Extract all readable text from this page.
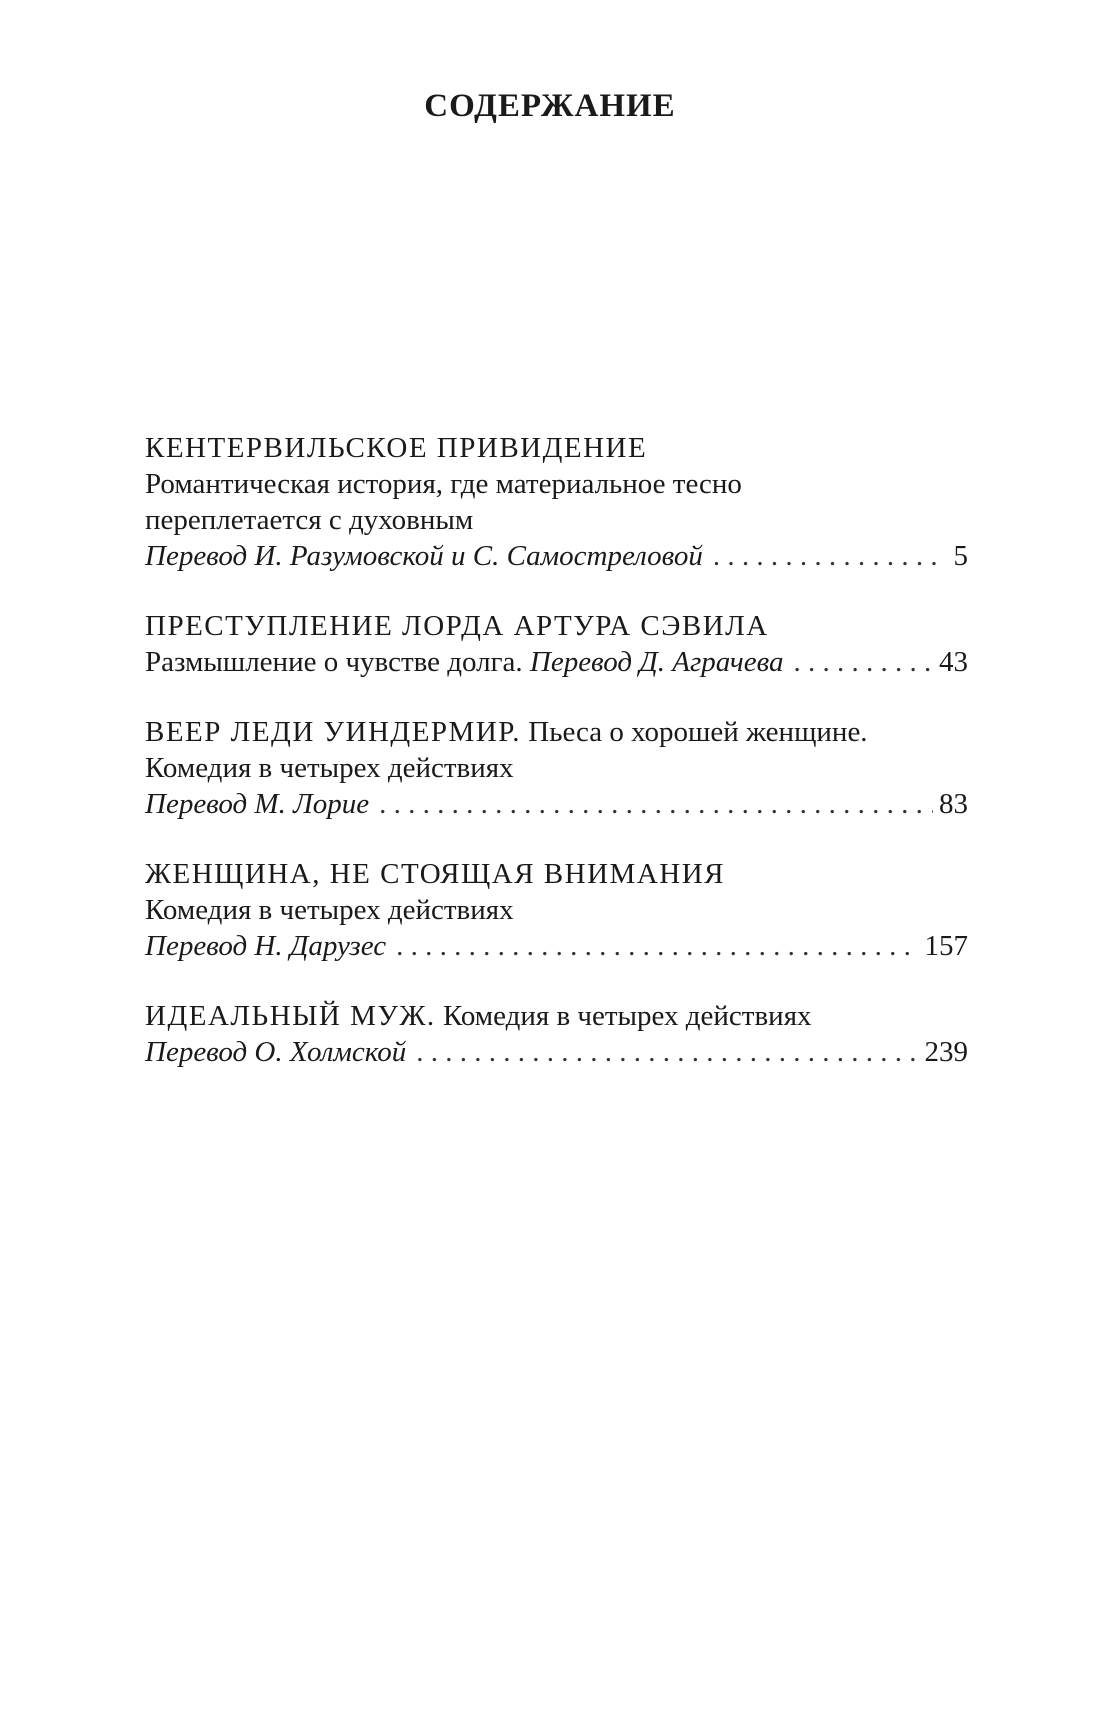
СОДЕРЖАНИЕ
КЕНТЕРВИЛЬСКОЕ ПРИВИДЕНИЕ
Романтическая история, где материальное тесно
переплетается с духовным
Перевод И. Разумовской и С. Самостреловой . . .	5
ПРЕСТУПЛЕНИЕ ЛОРДА АРТУРА СЭВИЛА
Размышление о чувстве долга. Перевод Д. Аграчева . . .	43
ВЕЕР ЛЕДИ УИНДЕРМИР. Пьеса о хорошей женщине.
Комедия в четырех действиях
Перевод М. Лорие . . .	83
ЖЕНЩИНА, НЕ СТОЯЩАЯ ВНИМАНИЯ
Комедия в четырех действиях
Перевод Н. Дарузес . . .	157
ИДЕАЛЬНЫЙ МУЖ. Комедия в четырех действиях
Перевод О. Холмской . . .	239
